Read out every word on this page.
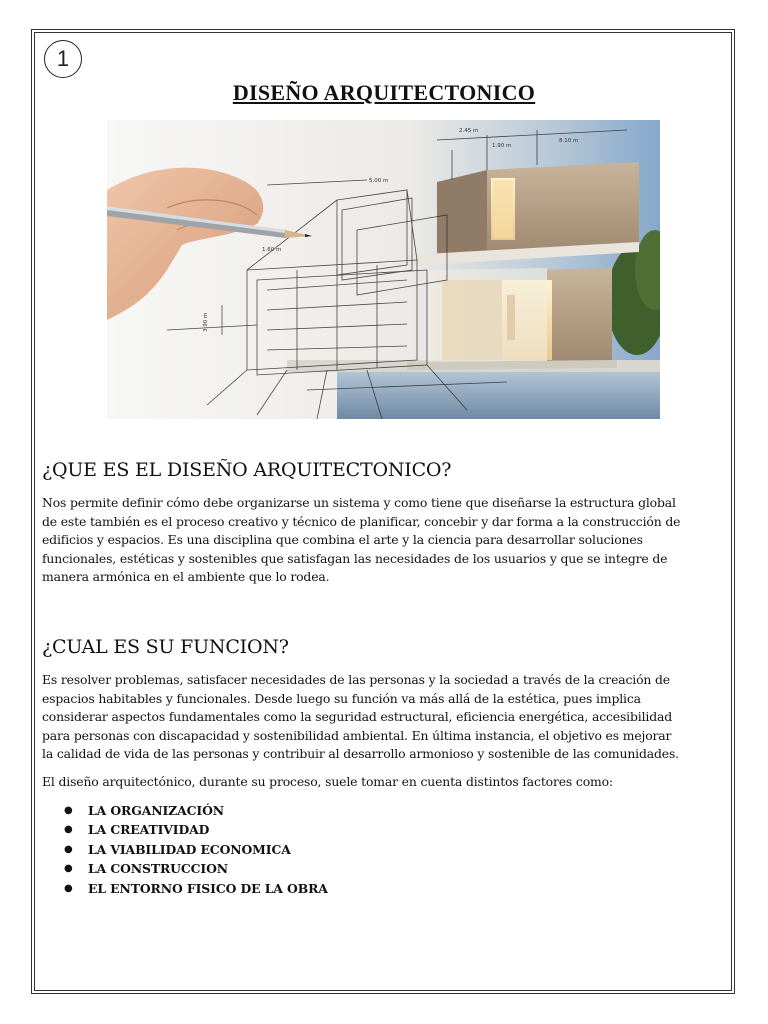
1
DISEÑO ARQUITECTONICO
2.45 m
1.90 m
8.10 m
5.00 m
1.60 m
3.90 m
¿QUE ES EL DISEÑO ARQUITECTONICO?
Nos permite definir cómo debe organizarse un sistema y como tiene que diseñarse la estructura global
de este también es el proceso creativo y técnico de planificar, concebir y dar forma a la construcción de
edificios y espacios. Es una disciplina que combina el arte y la ciencia para desarrollar soluciones
funcionales, estéticas y sostenibles que satisfagan las necesidades de los usuarios y que se integre de
manera armónica en el ambiente que lo rodea.
¿CUAL ES SU FUNCION?
Es resolver problemas, satisfacer necesidades de las personas y la sociedad a través de la creación de
espacios habitables y funcionales. Desde luego su función va más allá de la estética, pues implica
considerar aspectos fundamentales como la seguridad estructural, eficiencia energética, accesibilidad
para personas con discapacidad y sostenibilidad ambiental. En última instancia, el objetivo es mejorar
la calidad de vida de las personas y contribuir al desarrollo armonioso y sostenible de las comunidades.
El diseño arquitectónico, durante su proceso, suele tomar en cuenta distintos factores como:
● LA ORGANIZACIÓN
● LA CREATIVIDAD
● LA VIABILIDAD ECONOMICA
● LA CONSTRUCCION
● EL ENTORNO FISICO DE LA OBRA
